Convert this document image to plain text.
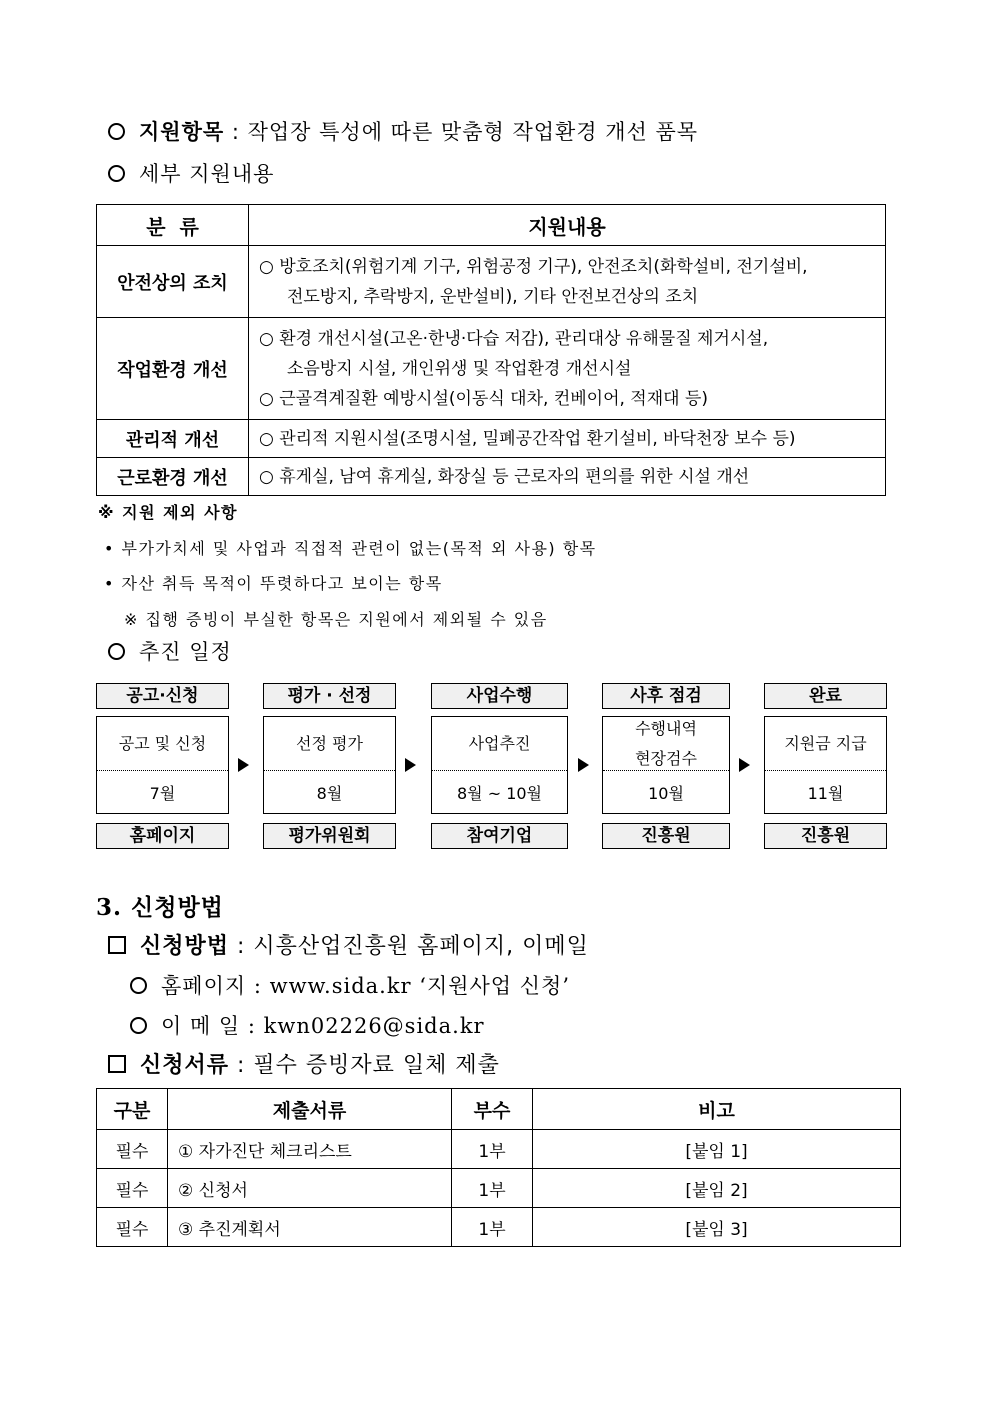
지원항목 : 작업장 특성에 따른 맞춤형 작업환경 개선 품목
세부 지원내용
분  류	지원내용
안전상의 조치	○ 방호조치(위험기계 기구, 위험공정 기구), 안전조치(화학설비, 전기설비,
전도방지, 추락방지, 운반설비), 기타 안전보건상의 조치

작업환경 개선	○ 환경 개선시설(고온·한냉·다습 저감), 관리대상 유해물질 제거시설,
소음방지 시설, 개인위생 및 작업환경 개선시설
○ 근골격계질환 예방시설(이동식 대차, 컨베이어, 적재대 등)

관리적 개선	○ 관리적 지원시설(조명시설, 밀폐공간작업 환기설비, 바닥천장 보수 등)
근로환경 개선	○ 휴게실, 남여 휴게실, 화장실 등 근로자의 편의를 위한 시설 개선
※ 지원 제외 사항
• 부가가치세 및 사업과 직접적 관련이 없는(목적 외 사용) 항목
• 자산 취득 목적이 뚜렷하다고 보이는 항목
※ 집행 증빙이 부실한 항목은 지원에서 제외될 수 있음
추진 일정
공고·신청
공고 및 신청
7월
홈페이지
평가 · 선정
선정 평가
8월
평가위원회
사업수행
사업추진
8월 ~ 10월
참여기업
사후 점검
수행내역
현장검수
10월
진흥원
완료
지원금 지급
11월
진흥원
3. 신청방법
신청방법 : 시흥산업진흥원 홈페이지, 이메일
홈페이지 : www.sida.kr ‘지원사업 신청’
이 메 일 : kwn02226@sida.kr
신청서류 : 필수 증빙자료 일체 제출
구분	제출서류	부수	비고
필수	① 자가진단 체크리스트	1부	[붙임 1]
필수	② 신청서	1부	[붙임 2]
필수	③ 추진계획서	1부	[붙임 3]
